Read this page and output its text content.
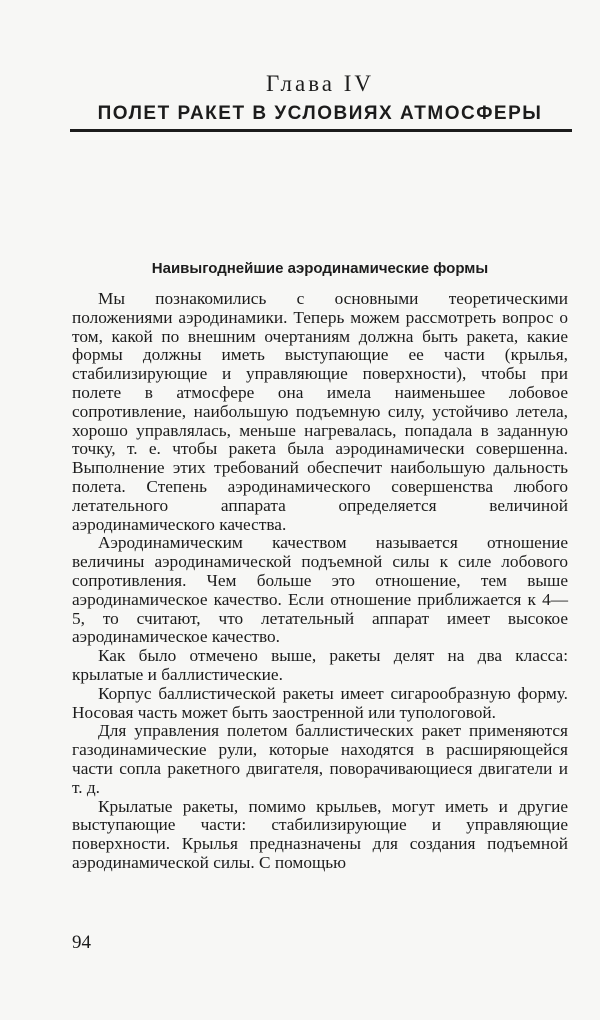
Глава IV
ПОЛЕТ РАКЕТ В УСЛОВИЯХ АТМОСФЕРЫ
Наивыгоднейшие аэродинамические формы

Мы познакомились с основными теоретическими положениями аэродинамики. Теперь можем рассмотреть вопрос о том, какой по внешним очертаниям должна быть ракета, какие формы должны иметь выступающие ее части (крылья, стабилизирующие и управляющие поверхности), чтобы при полете в атмосфере она имела наименьшее лобовое сопротивление, наибольшую подъемную силу, устойчиво летела, хорошо управлялась, меньше нагревалась, попадала в заданную точку, т. е. чтобы ракета была аэродинамически совершенна. Выполнение этих требований обеспечит наибольшую дальность полета. Степень аэродинамического совершенства любого летательного аппарата определяется величиной аэродинамического качества.

Аэродинамическим качеством называется отношение величины аэродинамической подъемной силы к силе лобового сопротивления. Чем больше это отношение, тем выше аэродинамическое качество. Если отношение приближается к 4—5, то считают, что летательный аппарат имеет высокое аэродинамическое качество.

Как было отмечено выше, ракеты делят на два класса: крылатые и баллистические.

Корпус баллистической ракеты имеет сигарообразную форму. Носовая часть может быть заостренной или тупологовой.

Для управления полетом баллистических ракет применяются газодинамические рули, которые находятся в расширяющейся части сопла ракетного двигателя, поворачивающиеся двигатели и т. д.

Крылатые ракеты, помимо крыльев, могут иметь и другие выступающие части: стабилизирующие и управляющие поверхности. Крылья предназначены для создания подъемной аэродинамической силы. С помощью

94
